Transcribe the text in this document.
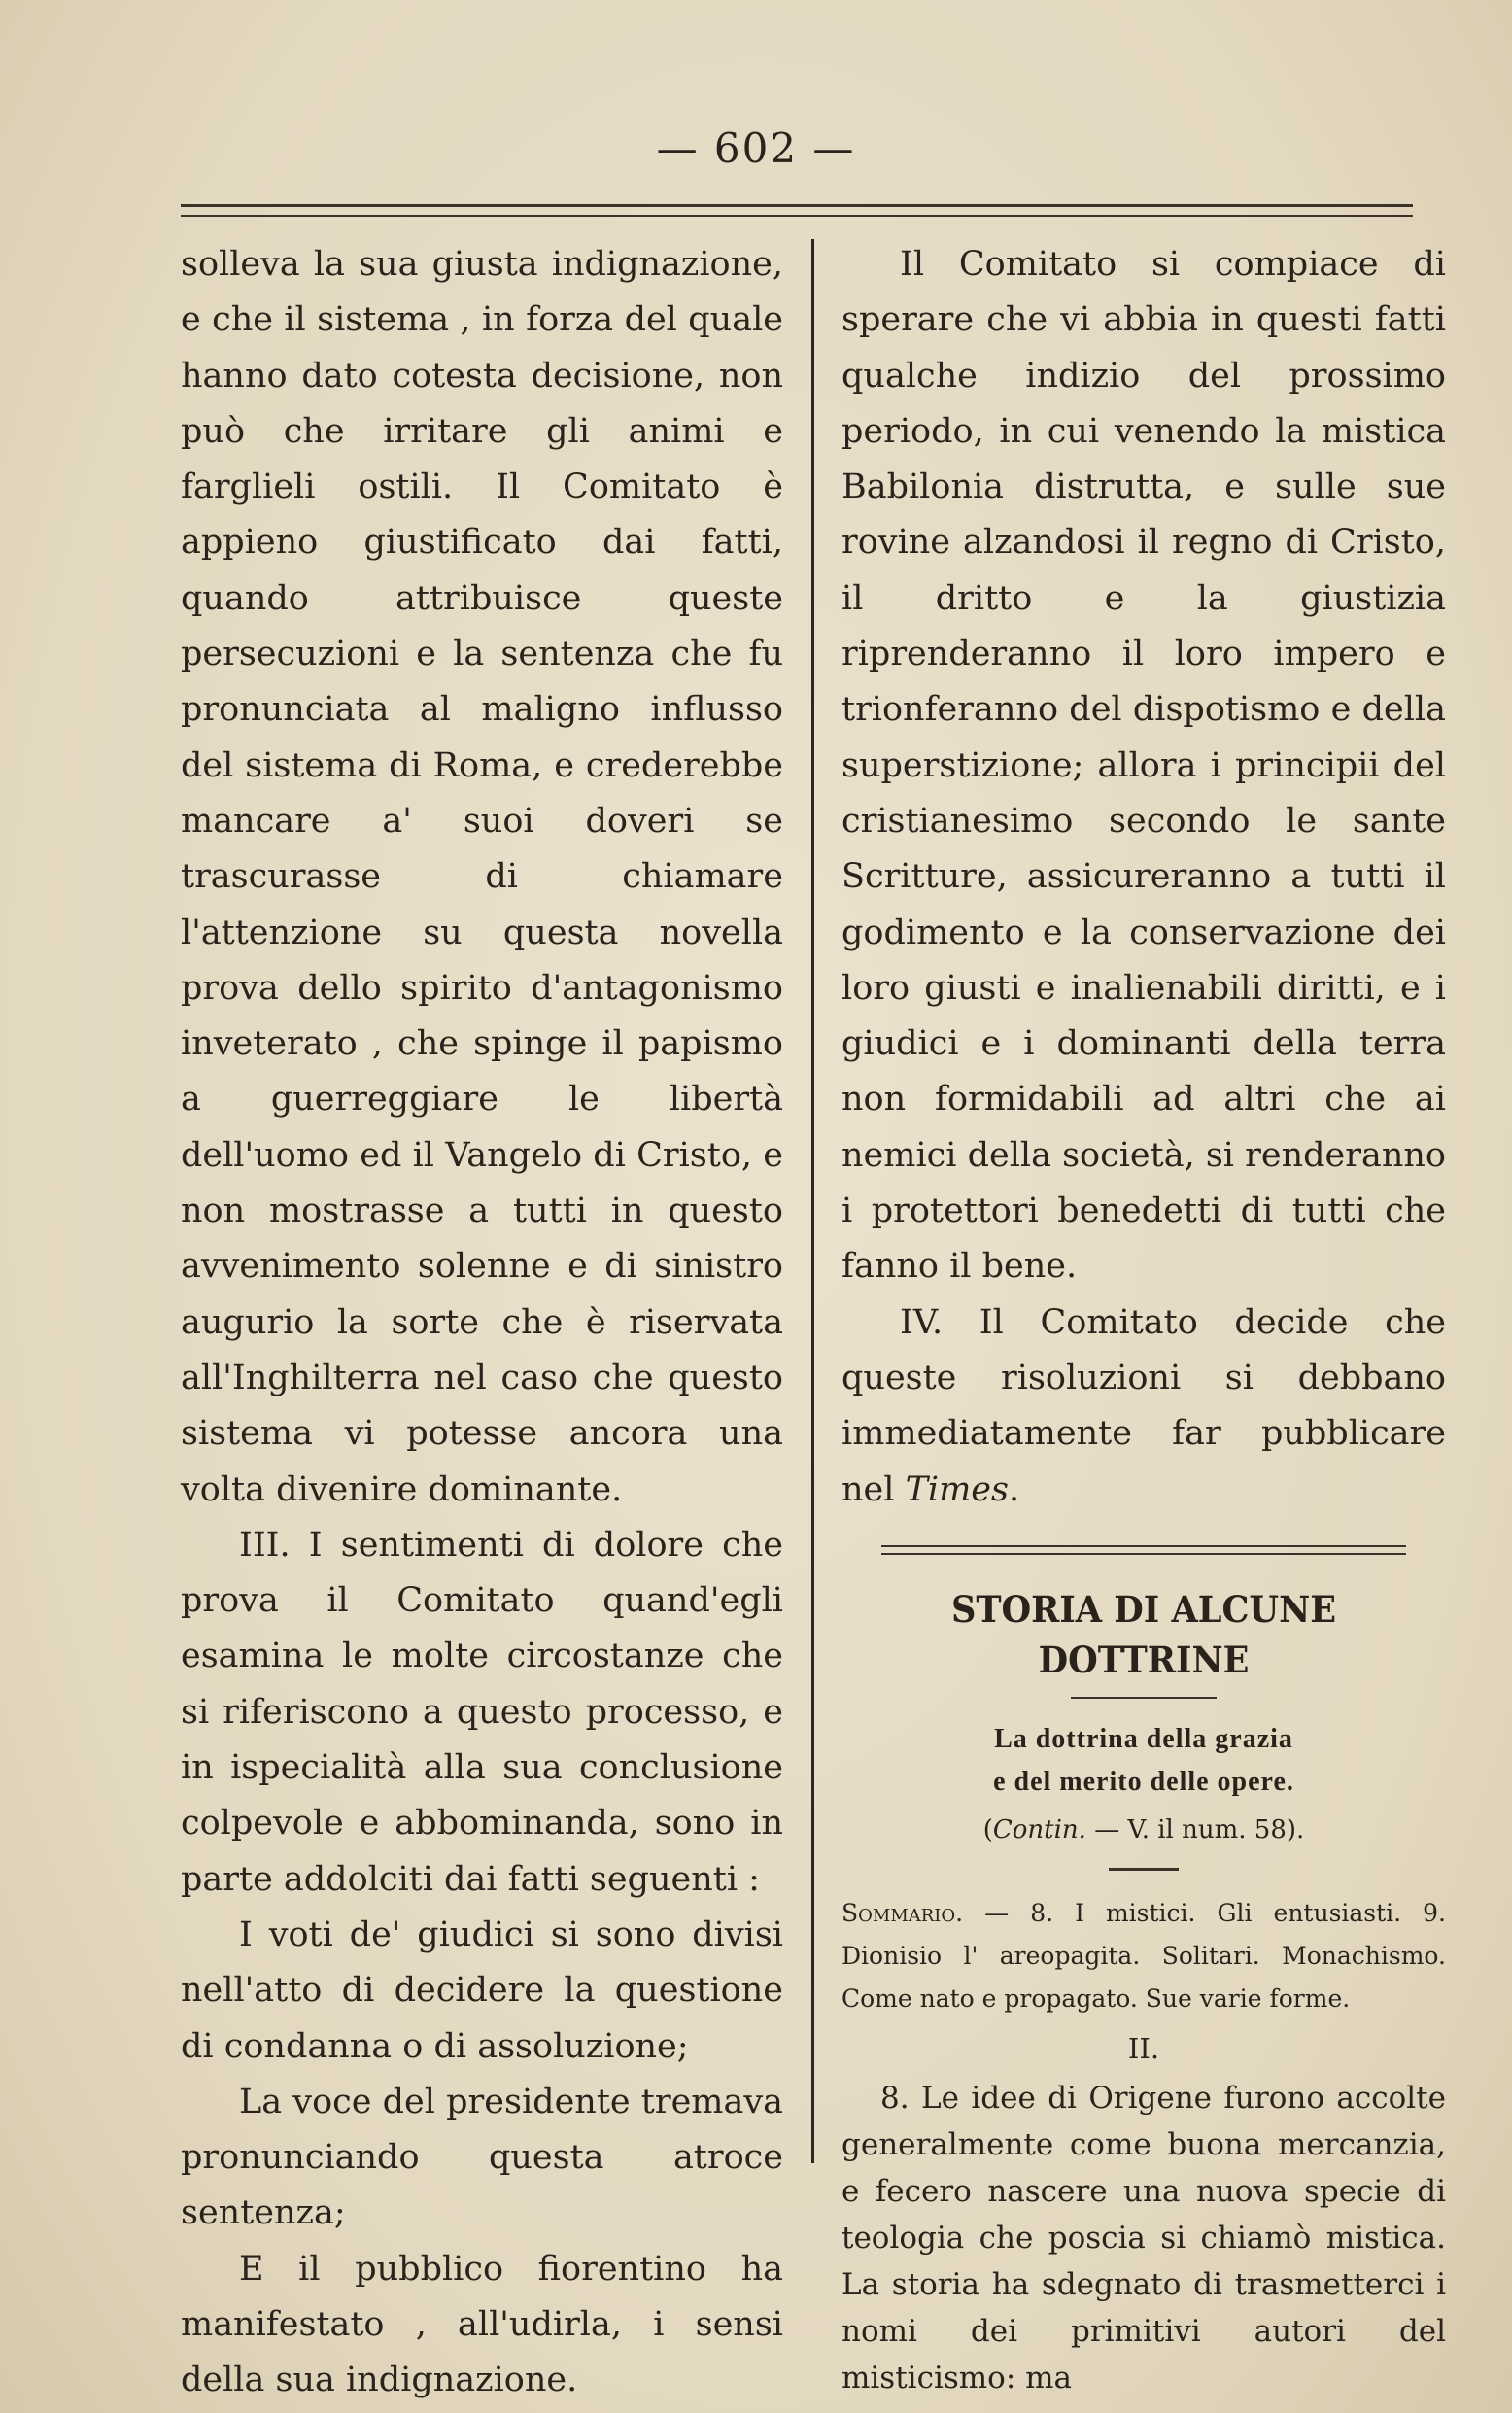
— 602 —

solleva la sua giusta indignazione, e che il sistema , in forza del quale hanno dato cotesta decisione, non può che irritare gli animi e farglieli ostili. Il Comitato è appieno giustificato dai fatti, quando attribuisce queste persecuzioni e la sentenza che fu pronunciata al maligno influsso del sistema di Roma, e crederebbe mancare a' suoi doveri se trascurasse di chiamare l'attenzione su questa novella prova dello spirito d'antagonismo inveterato , che spinge il papismo a guerreggiare le libertà dell'uomo ed il Vangelo di Cristo, e non mostrasse a tutti in questo avvenimento solenne e di sinistro augurio la sorte che è riservata all'Inghilterra nel caso che questo sistema vi potesse ancora una volta divenire dominante.

III. I sentimenti di dolore che prova il Comitato quand'egli esamina le molte circostanze che si riferiscono a questo processo, e in ispecialità alla sua conclusione colpevole e abbominanda, sono in parte addolciti dai fatti seguenti :

I voti de' giudici si sono divisi nell'atto di decidere la questione di condanna o di assoluzione;

La voce del presidente tremava pronunciando questa atroce sentenza;

E il pubblico fiorentino ha manifestato , all'udirla, i sensi della sua indignazione.

Il Comitato si compiace di sperare che vi abbia in questi fatti qualche indizio del prossimo periodo, in cui venendo la mistica Babilonia distrutta, e sulle sue rovine alzandosi il regno di Cristo, il dritto e la giustizia riprenderanno il loro impero e trionferanno del dispotismo e della superstizione; allora i principii del cristianesimo secondo le sante Scritture, assicureranno a tutti il godimento e la conservazione dei loro giusti e inalienabili diritti, e i giudici e i dominanti della terra non formidabili ad altri che ai nemici della società, si renderanno i protettori benedetti di tutti che fanno il bene.

IV. Il Comitato decide che queste risoluzioni si debbano immediatamente far pubblicare nel Times.

STORIA DI ALCUNE DOTTRINE
La dottrina della grazia
e del merito delle opere.
(Contin. — V. il num. 58).
Sommario. — 8. I mistici. Gli entusiasti. 9. Dionisio l' areopagita. Solitari. Monachismo. Come nato e propagato. Sue varie forme.
II.

8. Le idee di Origene furono accolte generalmente come buona mercanzia, e fecero nascere una nuova specie di teologia che poscia si chiamò mistica. La storia ha sdegnato di trasmetterci i nomi dei primitivi autori del misticismo: ma
